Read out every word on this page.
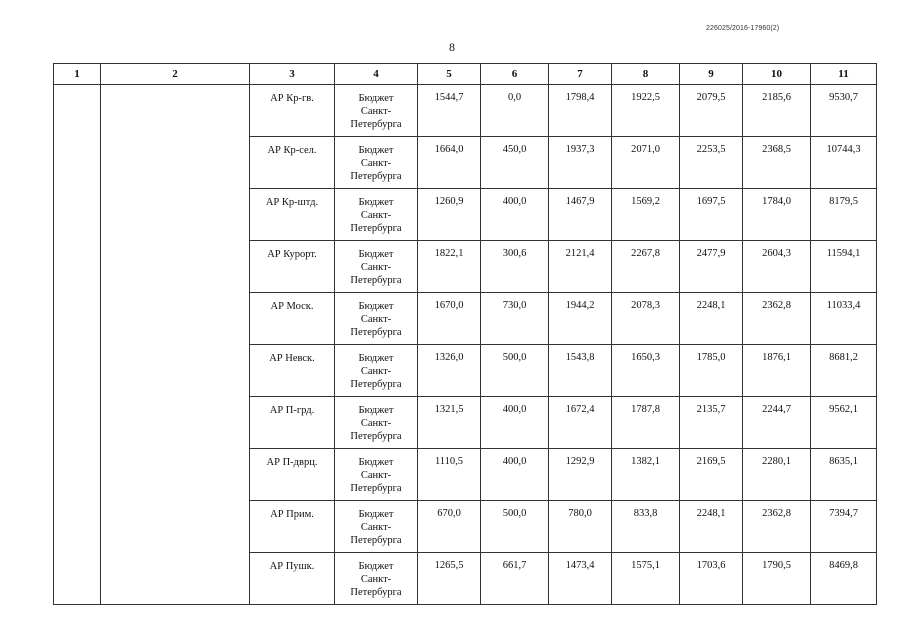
226025/2016-17960(2)
8
1	2	3	4	5	6	7	8	9	10	11

		АР Кр-гв.	Бюджет
Санкт-
Петербурга	1544,7	0,0	1798,4	1922,5	2079,5	2185,6	9530,7

		АР Кр-сел.	Бюджет
Санкт-
Петербурга	1664,0	450,0	1937,3	2071,0	2253,5	2368,5	10744,3

		АР Кр-штд.	Бюджет
Санкт-
Петербурга	1260,9	400,0	1467,9	1569,2	1697,5	1784,0	8179,5

		АР Курорт.	Бюджет
Санкт-
Петербурга	1822,1	300,6	2121,4	2267,8	2477,9	2604,3	11594,1

		АР Моск.	Бюджет
Санкт-
Петербурга	1670,0	730,0	1944,2	2078,3	2248,1	2362,8	11033,4

		АР Невск.	Бюджет
Санкт-
Петербурга	1326,0	500,0	1543,8	1650,3	1785,0	1876,1	8681,2

		АР П-грд.	Бюджет
Санкт-
Петербурга	1321,5	400,0	1672,4	1787,8	2135,7	2244,7	9562,1

		АР П-дврц.	Бюджет
Санкт-
Петербурга	1110,5	400,0	1292,9	1382,1	2169,5	2280,1	8635,1

		АР Прим.	Бюджет
Санкт-
Петербурга	670,0	500,0	780,0	833,8	2248,1	2362,8	7394,7

		АР Пушк.	Бюджет
Санкт-
Петербурга	1265,5	661,7	1473,4	1575,1	1703,6	1790,5	8469,8
